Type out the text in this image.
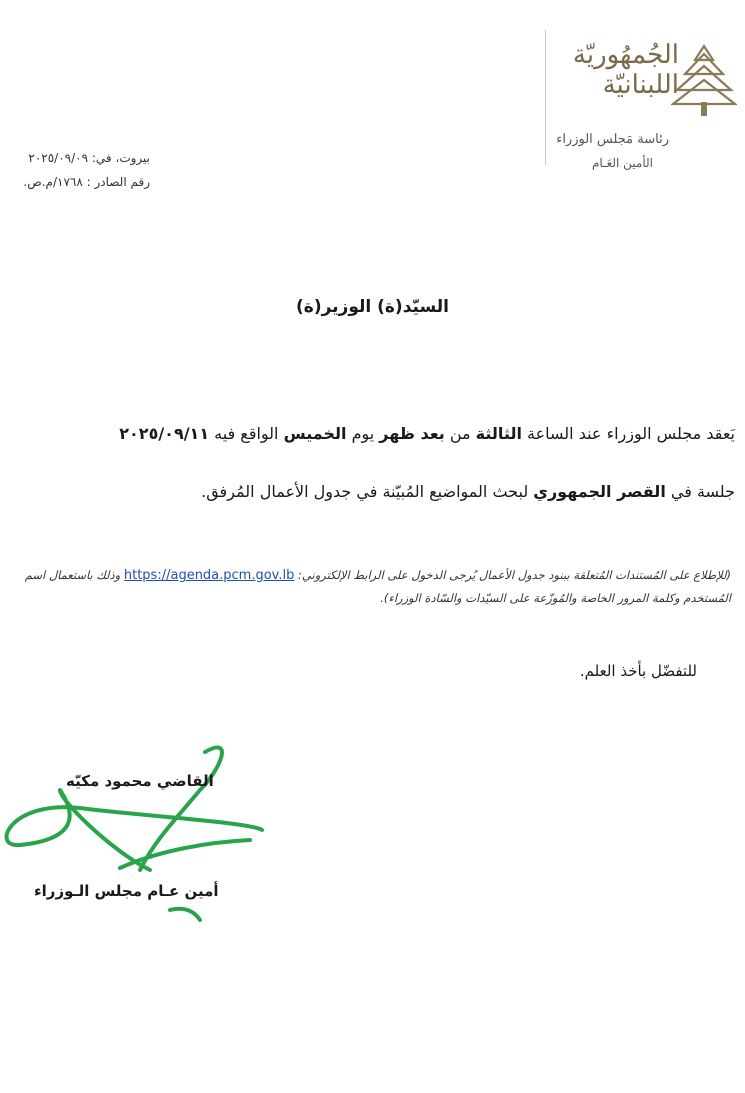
الجُمهُوريّة
اللبنانيّة
رئاسة مَجلس الوزراء
الأمين العَـام
بيروت، في: ٢٠٢٥/٠٩/٠٩
رقم الصادر : ١٧٦٨/م.ص.
السيّد(ة) الوزير(ة)
يَعقد مجلس الوزراء عند الساعة الثالثة من بعد ظهر يوم الخميس الواقع فيه ٢٠٢٥/٠٩/١١
جلسة في القصر الجمهوري لبحث المواضيع المُبيّنة في جدول الأعمال المُرفق.
(للإطلاع على المُستندات المُتعلقة ببنود جدول الأعمال يُرجى الدخول على الرابط الإلكتروني: https://agenda.pcm.gov.lb وذلك باستعمال اسم المُستخدم وكلمة المرور الخاصة والمُوزّعة على السيّدات والسّادة الوزراء).
للتفضّل بأخذ العلم.
القاضي محمود مكيّه
أمين عـام مجلس الـوزراء
